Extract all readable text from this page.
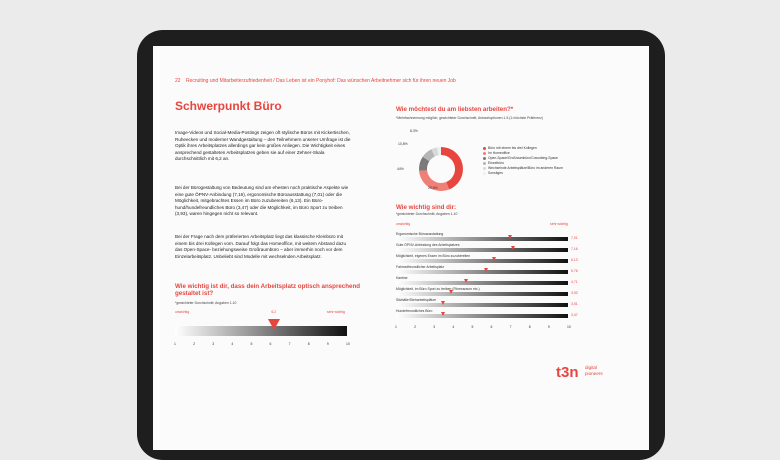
22 Recruiting und Mitarbeiterzufriedenheit / Das Leben ist ein Ponyhof: Das wünschen Arbeitnehmer sich für ihren neuen Job
Schwerpunkt Büro
Image-Videos und Social-Media-Postings zeigen oft stylische Büros mit Kickertischen, Ruheecken und moderner Wandgestaltung – den Teilnehmern unserer Umfrage ist die Optik ihres Arbeitsplatzes allerdings gar kein großes Anliegen. Die Wichtigkeit eines ansprechend gestalteten Arbeitsplatzes geben sie auf einer Zehner-Skala durchschnittlich mit 6,2 an.
Bei der Bürogestaltung von Bedeutung sind am ehesten noch praktische Aspekte wie eine gute ÖPNV-Anbindung (7,16), ergonomische Büroausstattung (7,01) oder die Möglichkeit, mitgebrachtes Essen im Büro zuzubereiten (6,13). Ein Büro-hund/hundefreundliches Büro (3,47) oder die Möglichkeit, im Büro Sport zu treiben (3,93), waren hingegen nicht so relevant.
Bei der Frage nach dem präferierten Arbeitsplatz liegt das klassische Kleinbüro mit einem bis drei Kollegen vorn. Darauf folgt das Homeoffice, mit weitem Abstand dazu das Open-Space- beziehungsweise Großraumbüro – aber immerhin noch vor dem Einzelarbeitsplatz. Unbeliebt sind Modelle mit wechselnden Arbeitsplatz.
Wie wichtig ist dir, dass dein Arbeitsplatz optisch ansprechend gestaltet ist?
*gewichteter Durchschnitt; Angaben 1-10
unwichtig	sehr wichtig
6,2
1	2	3	4	5	6	7	8	9	10
Wie möchtest du am liebsten arbeiten?*
*Mehrfachnennung möglich; gewichteter Durchschnitt, Antwortoptionen 1-5 (1=höchste Präferenz)
8,3%
10,8%
44%
29,6%
Büro mit einem bis drei Kollegen
Im Homeoffice
Open-Space/Großraumbüro/Coworking-Space
Einzelbüro
Wechselnde Arbeitsplätze/Büro im anderen Raum
Sonstiges
Wie wichtig sind dir:
*gewichteter Durchschnitt; Angaben 1-10
unwichtig	sehr wichtig
Ergonomische Büroausstattung
7,01
Gute ÖPNV-Anbindung des Arbeitsplatzes
7,16
Möglichkeit, eigenes Essen im Büro zuzubereiten
6,13
Fahrradfreundlicher Arbeitsplatz
5,76
Kantine
4,71
Möglichkeit, im Büro Sport zu treiben (Fitnessraum etc.)
3,93
Sitzbälle/Steharbeitsplätze
3,51
Hundefreundliches Büro
3,47
1	2	3	4	5	6	7	8	9	10
t3n digital
pioneers
